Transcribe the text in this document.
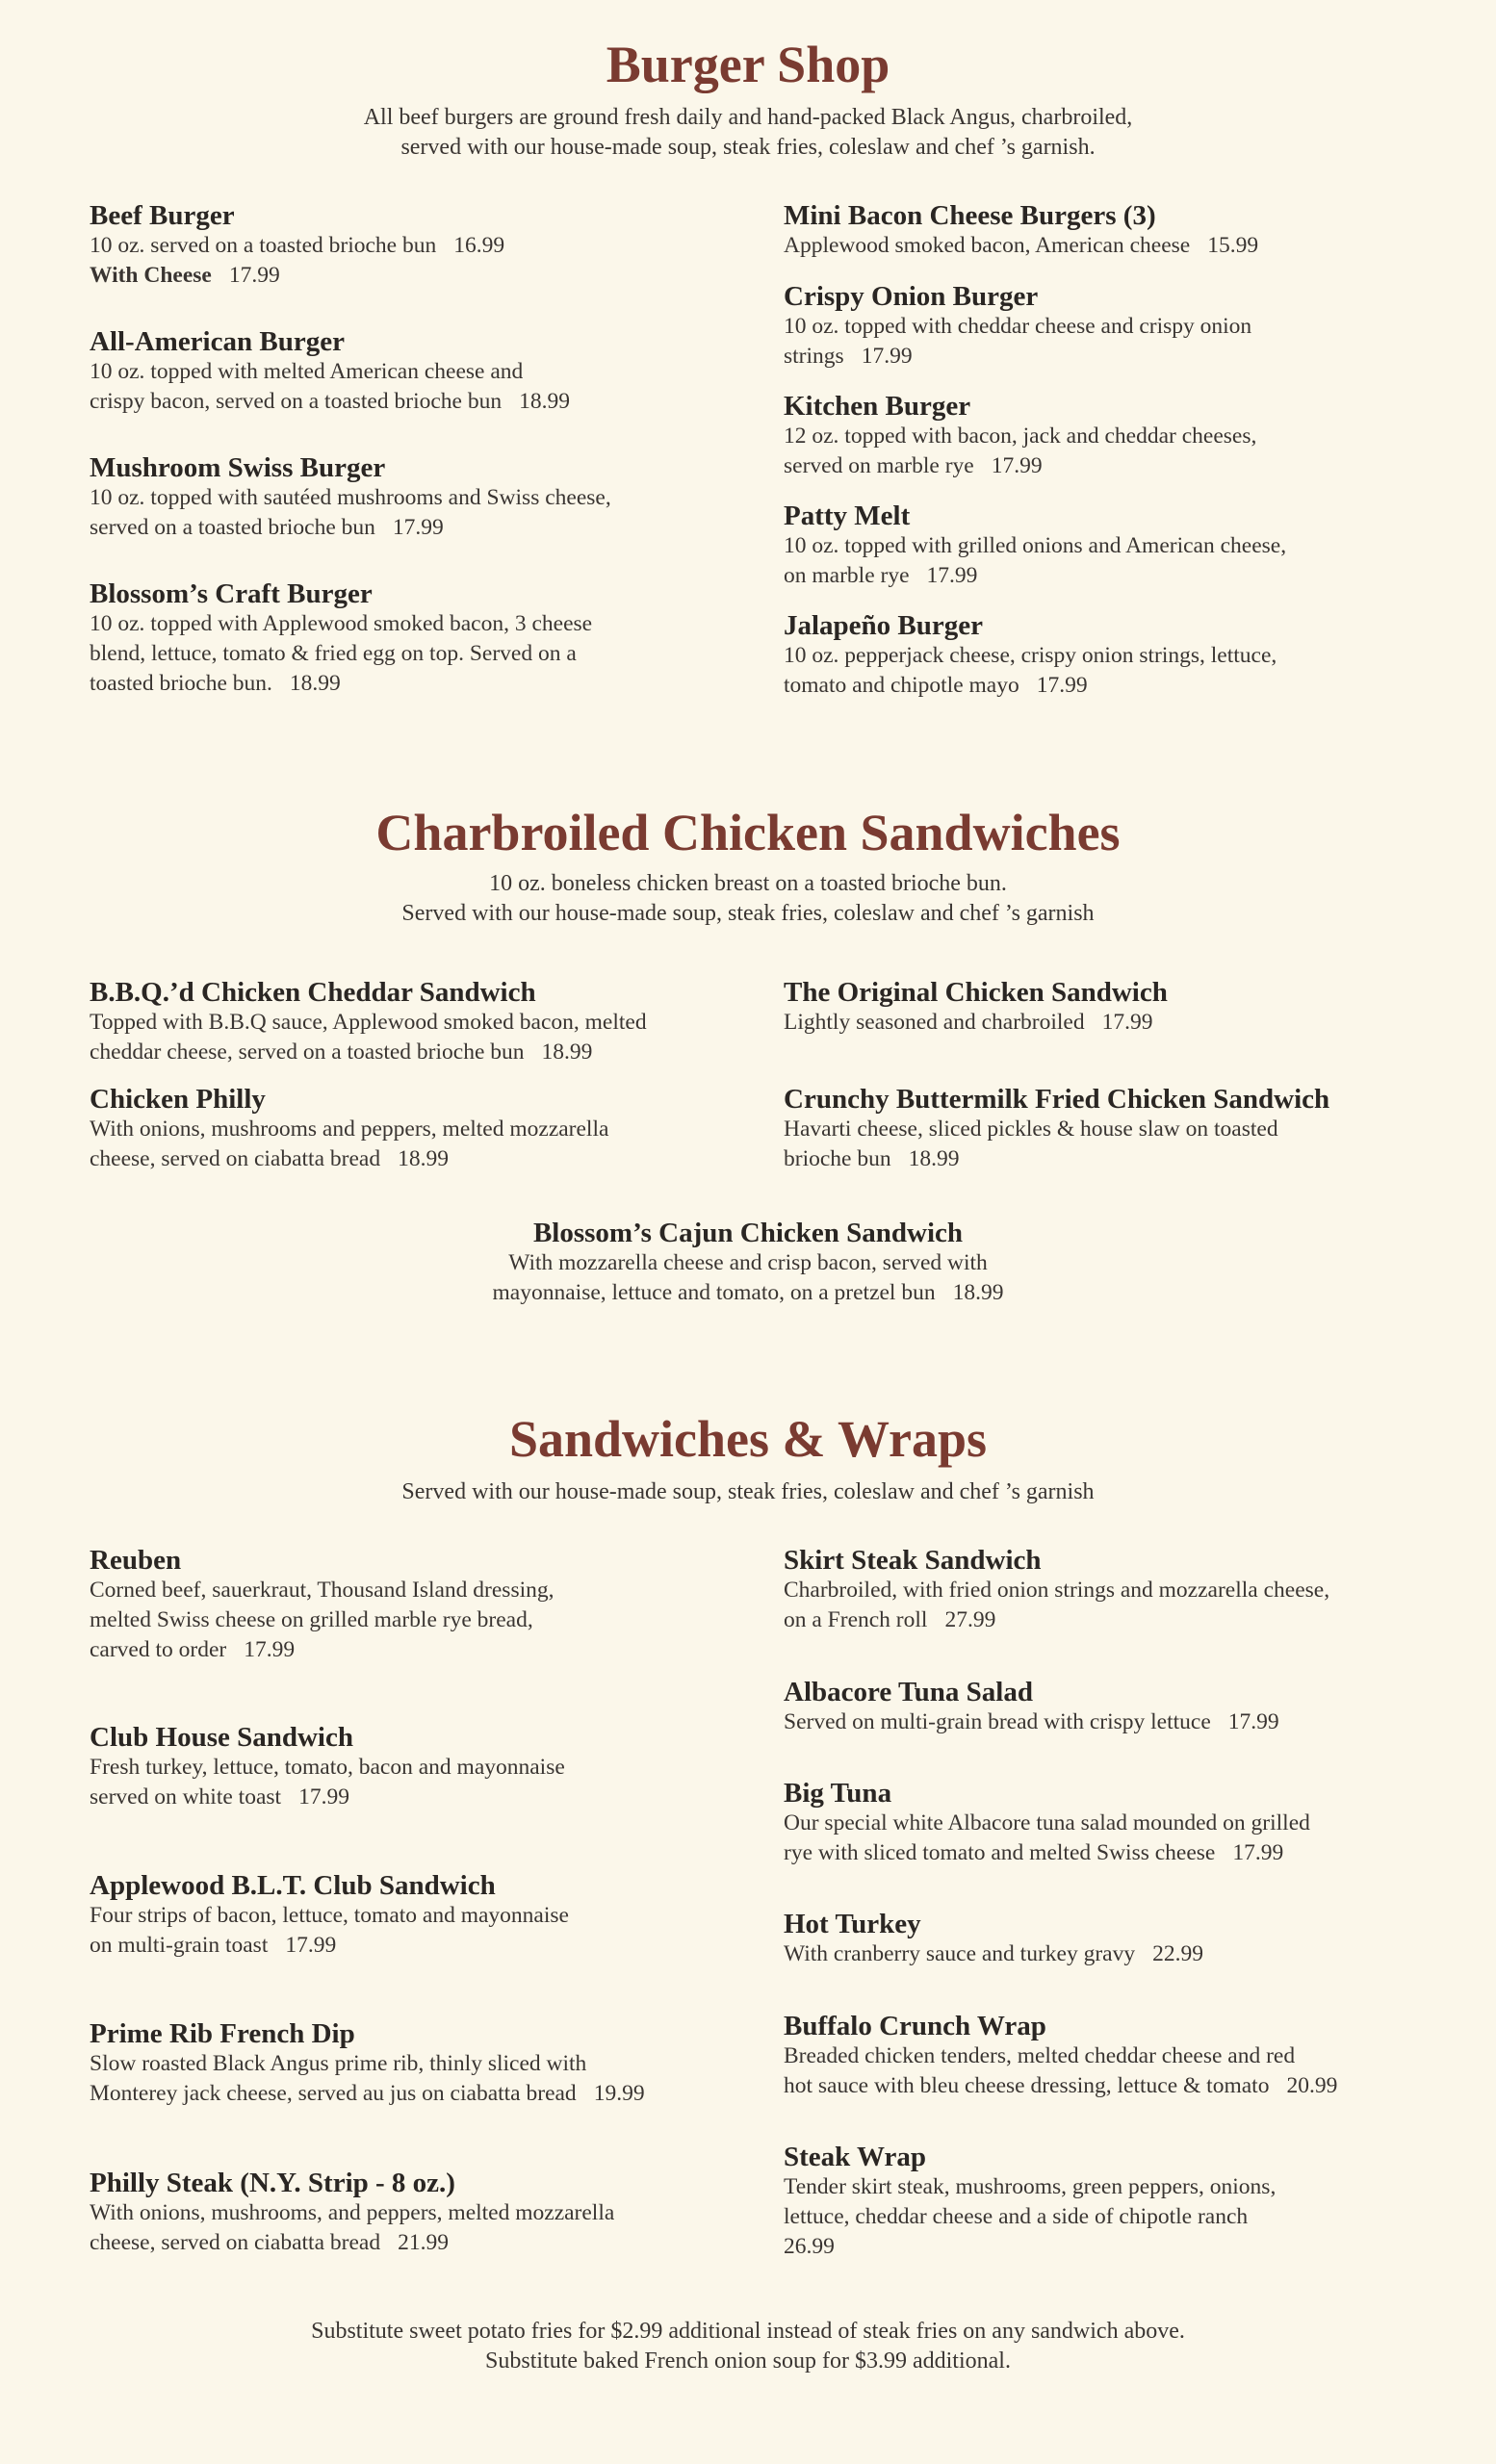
Burger Shop

All beef burgers are ground fresh daily and hand-packed Black Angus, charbroiled,
served with our house-made soup, steak fries, coleslaw and chef ’s garnish.

Beef Burger
10 oz. served on a toasted brioche bun 16.99
With Cheese 17.99
All-American Burger
10 oz. topped with melted American cheese and
crispy bacon, served on a toasted brioche bun 18.99
Mushroom Swiss Burger
10 oz. topped with sautéed mushrooms and Swiss cheese,
served on a toasted brioche bun 17.99
Blossom’s Craft Burger
10 oz. topped with Applewood smoked bacon, 3 cheese
blend, lettuce, tomato & fried egg on top. Served on a
toasted brioche bun. 18.99
Mini Bacon Cheese Burgers (3)
Applewood smoked bacon, American cheese 15.99
Crispy Onion Burger
10 oz. topped with cheddar cheese and crispy onion
strings 17.99
Kitchen Burger
12 oz. topped with bacon, jack and cheddar cheeses,
served on marble rye 17.99
Patty Melt
10 oz. topped with grilled onions and American cheese,
on marble rye 17.99
Jalapeño Burger
10 oz. pepperjack cheese, crispy onion strings, lettuce,
tomato and chipotle mayo 17.99
Charbroiled Chicken Sandwiches

10 oz. boneless chicken breast on a toasted brioche bun.
Served with our house-made soup, steak fries, coleslaw and chef ’s garnish

B.B.Q.’d Chicken Cheddar Sandwich
Topped with B.B.Q sauce, Applewood smoked bacon, melted
cheddar cheese, served on a toasted brioche bun 18.99
Chicken Philly
With onions, mushrooms and peppers, melted mozzarella
cheese, served on ciabatta bread 18.99
The Original Chicken Sandwich
Lightly seasoned and charbroiled 17.99
Crunchy Buttermilk Fried Chicken Sandwich
Havarti cheese, sliced pickles & house slaw on toasted
brioche bun 18.99
Blossom’s Cajun Chicken Sandwich
With mozzarella cheese and crisp bacon, served with
mayonnaise, lettuce and tomato, on a pretzel bun 18.99
Sandwiches & Wraps

Served with our house-made soup, steak fries, coleslaw and chef ’s garnish

Reuben
Corned beef, sauerkraut, Thousand Island dressing,
melted Swiss cheese on grilled marble rye bread,
carved to order 17.99
Club House Sandwich
Fresh turkey, lettuce, tomato, bacon and mayonnaise
served on white toast 17.99
Applewood B.L.T. Club Sandwich
Four strips of bacon, lettuce, tomato and mayonnaise
on multi-grain toast 17.99
Prime Rib French Dip
Slow roasted Black Angus prime rib, thinly sliced with
Monterey jack cheese, served au jus on ciabatta bread 19.99
Philly Steak (N.Y. Strip - 8 oz.)
With onions, mushrooms, and peppers, melted mozzarella
cheese, served on ciabatta bread 21.99
Skirt Steak Sandwich
Charbroiled, with fried onion strings and mozzarella cheese,
on a French roll 27.99
Albacore Tuna Salad
Served on multi-grain bread with crispy lettuce 17.99
Big Tuna
Our special white Albacore tuna salad mounded on grilled
rye with sliced tomato and melted Swiss cheese 17.99
Hot Turkey
With cranberry sauce and turkey gravy 22.99
Buffalo Crunch Wrap
Breaded chicken tenders, melted cheddar cheese and red
hot sauce with bleu cheese dressing, lettuce & tomato 20.99
Steak Wrap
Tender skirt steak, mushrooms, green peppers, onions,
lettuce, cheddar cheese and a side of chipotle ranch
26.99
Substitute sweet potato fries for $2.99 additional instead of steak fries on any sandwich above.
Substitute baked French onion soup for $3.99 additional.
